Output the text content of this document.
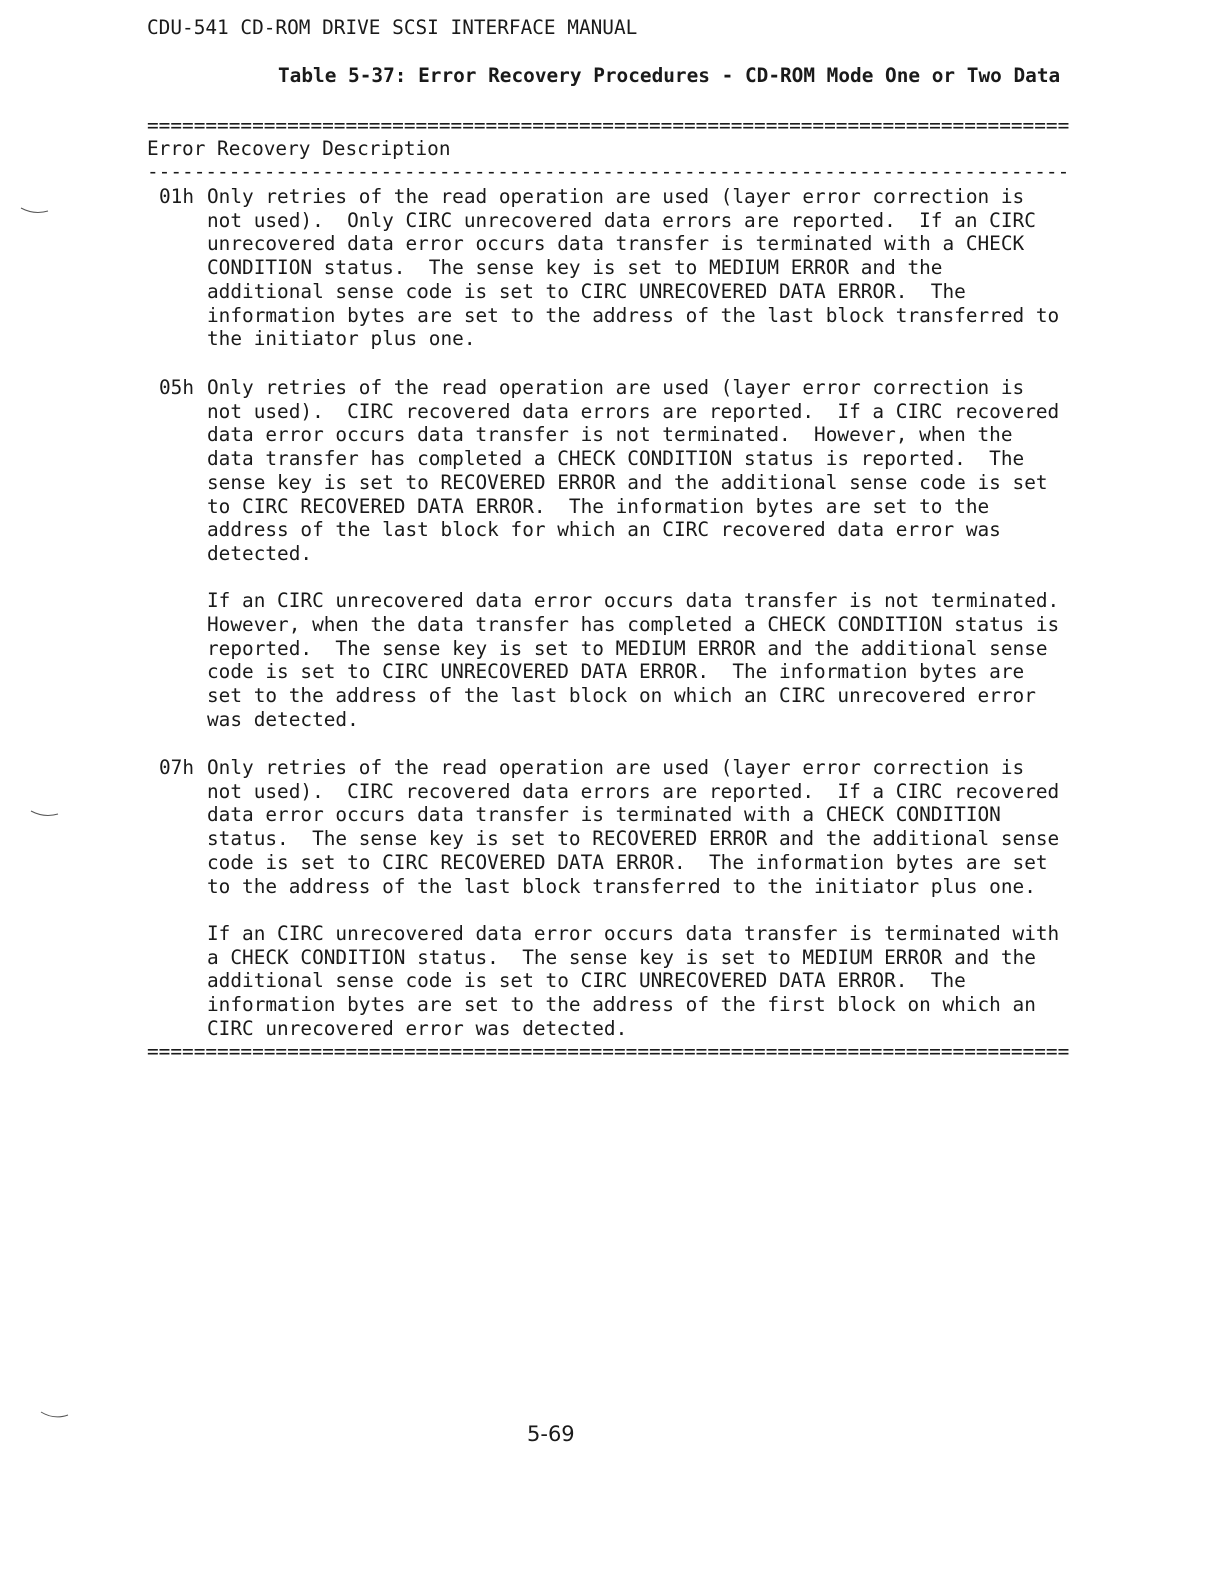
CDU-541 CD-ROM DRIVE SCSI INTERFACE MANUAL
Table 5-37: Error Recovery Procedures - CD-ROM Mode One or Two Data
===============================================================================
Error Recovery Description
-------------------------------------------------------------------------------
01h Only retries of the read operation are used (layer error correction is
not used).  Only CIRC unrecovered data errors are reported.  If an CIRC
unrecovered data error occurs data transfer is terminated with a CHECK
CONDITION status.  The sense key is set to MEDIUM ERROR and the
additional sense code is set to CIRC UNRECOVERED DATA ERROR.  The
information bytes are set to the address of the last block transferred to
the initiator plus one.
05h Only retries of the read operation are used (layer error correction is
not used).  CIRC recovered data errors are reported.  If a CIRC recovered
data error occurs data transfer is not terminated.  However, when the
data transfer has completed a CHECK CONDITION status is reported.  The
sense key is set to RECOVERED ERROR and the additional sense code is set
to CIRC RECOVERED DATA ERROR.  The information bytes are set to the
address of the last block for which an CIRC recovered data error was
detected.
If an CIRC unrecovered data error occurs data transfer is not terminated.
However, when the data transfer has completed a CHECK CONDITION status is
reported.  The sense key is set to MEDIUM ERROR and the additional sense
code is set to CIRC UNRECOVERED DATA ERROR.  The information bytes are
set to the address of the last block on which an CIRC unrecovered error
was detected.
07h Only retries of the read operation are used (layer error correction is
not used).  CIRC recovered data errors are reported.  If a CIRC recovered
data error occurs data transfer is terminated with a CHECK CONDITION
status.  The sense key is set to RECOVERED ERROR and the additional sense
code is set to CIRC RECOVERED DATA ERROR.  The information bytes are set
to the address of the last block transferred to the initiator plus one.
If an CIRC unrecovered data error occurs data transfer is terminated with
a CHECK CONDITION status.  The sense key is set to MEDIUM ERROR and the
additional sense code is set to CIRC UNRECOVERED DATA ERROR.  The
information bytes are set to the address of the first block on which an
CIRC unrecovered error was detected.
===============================================================================
5-69
